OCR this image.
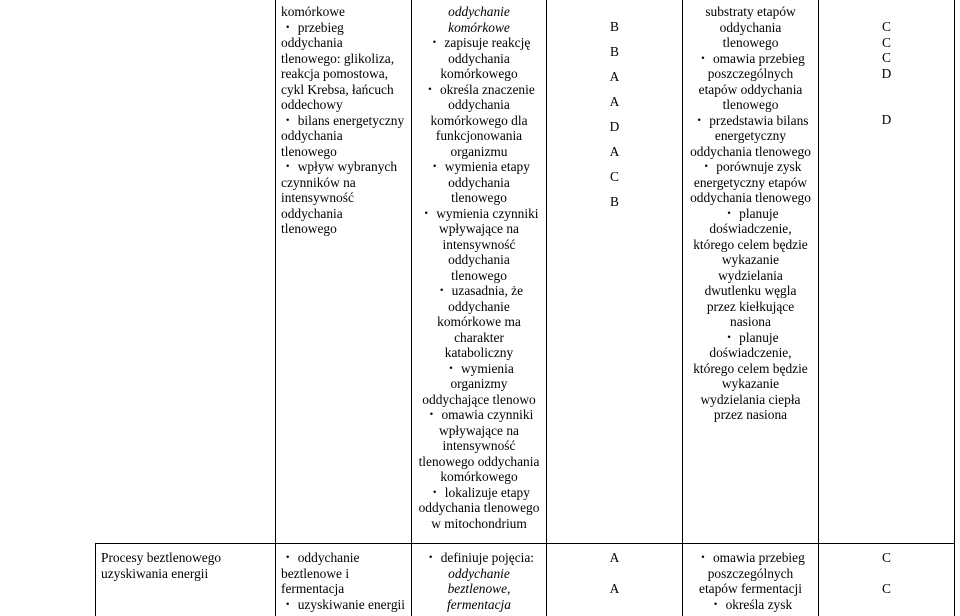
komórkowe

・ przebieg

oddychania

tlenowego: glikoliza,

reakcja pomostowa,

cykl Krebsa, łańcuch

oddechowy

・ bilans energetyczny

oddychania

tlenowego

・ wpływ wybranych

czynników na

intensywność

oddychania

tlenowego

oddychanie

komórkowe

・ zapisuje reakcję

oddychania

komórkowego

・ określa znaczenie

oddychania

komórkowego dla

funkcjonowania

organizmu

・ wymienia etapy

oddychania

tlenowego

・ wymienia czynniki

wpływające na

intensywność

oddychania

tlenowego

・ uzasadnia, że

oddychanie

komórkowe ma

charakter

kataboliczny

・ wymienia

organizmy

oddychające tlenowo

・ omawia czynniki

wpływające na

intensywność

tlenowego oddychania

komórkowego

・ lokalizuje etapy

oddychania tlenowego

w mitochondrium

B

B

A

A

D

A

C

B

substraty etapów

oddychania

tlenowego

・ omawia przebieg

poszczególnych

etapów oddychania

tlenowego

・ przedstawia bilans

energetyczny

oddychania tlenowego

・ porównuje zysk

energetyczny etapów

oddychania tlenowego

・ planuje

doświadczenie,

którego celem będzie

wykazanie

wydzielania

dwutlenku węgla

przez kiełkujące

nasiona

・ planuje

doświadczenie,

którego celem będzie

wykazanie

wydzielania ciepła

przez nasiona

C

C

C

D

D

Procesy beztlenowego

uzyskiwania energii

・ oddychanie

beztlenowe i

fermentacja

・ uzyskiwanie energii

・ definiuje pojęcia:

oddychanie

beztlenowe,

fermentacja

A

A

・ omawia przebieg

poszczególnych

etapów fermentacji

・ określa zysk

C

C
